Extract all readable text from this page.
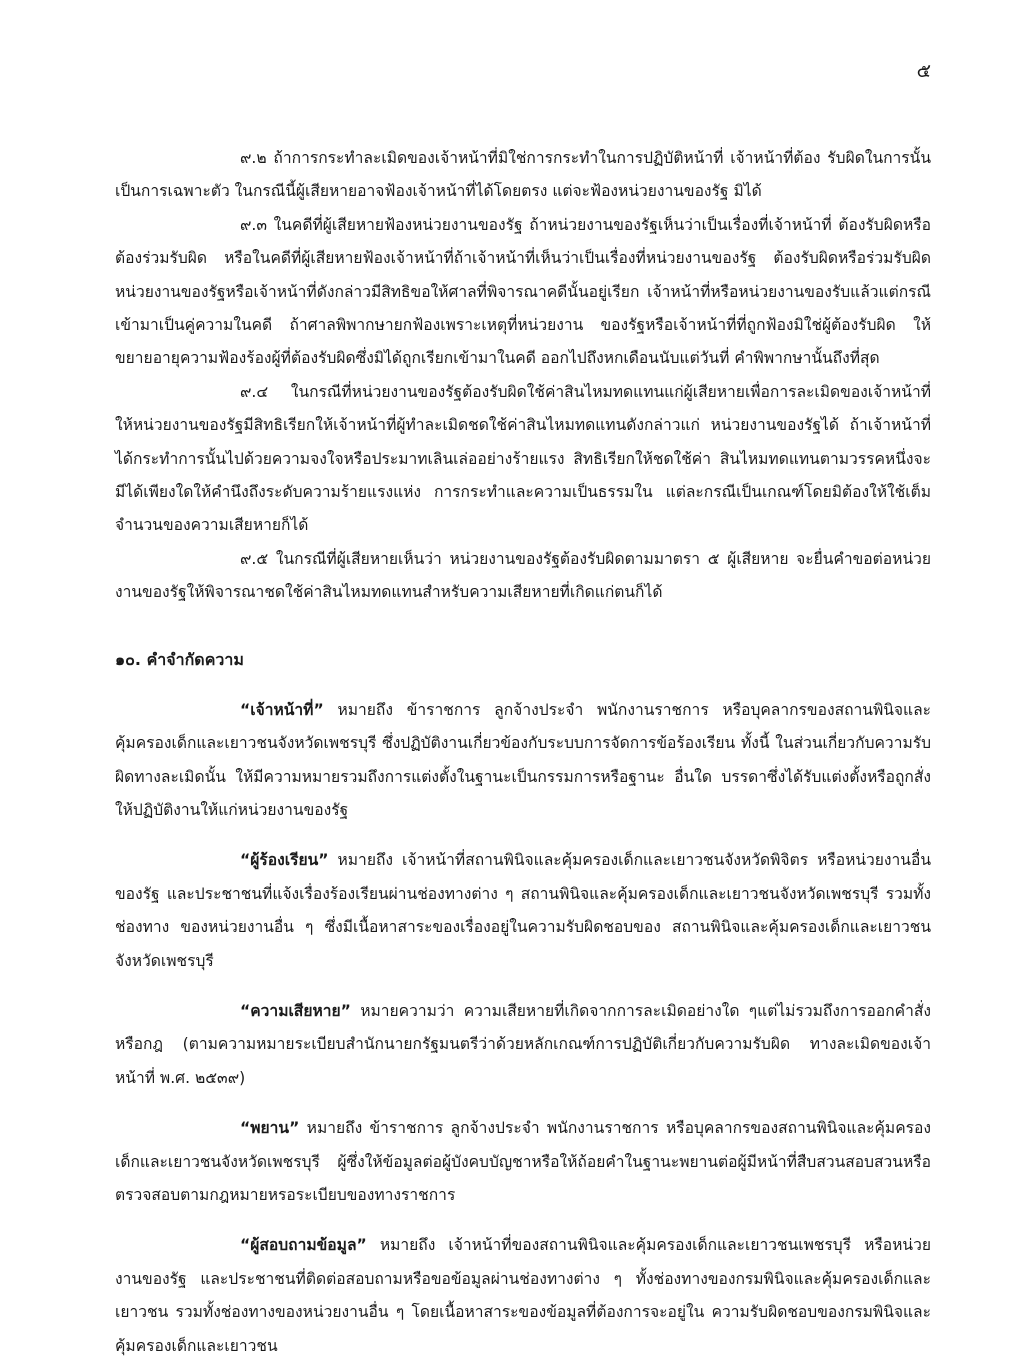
๕

๙.๒ ถ้าการกระทำละเมิดของเจ้าหน้าที่มิใช่การกระทำในการปฏิบัติหน้าที่ เจ้าหน้าที่ต้อง รับผิดในการนั้นเป็นการเฉพาะตัว ในกรณีนี้ผู้เสียหายอาจฟ้องเจ้าหน้าที่ได้โดยตรง แต่จะฟ้องหน่วยงานของรัฐ มิได้

๙.๓ ในคดีที่ผู้เสียหายฟ้องหน่วยงานของรัฐ ถ้าหน่วยงานของรัฐเห็นว่าเป็นเรื่องที่เจ้าหน้าที่ ต้องรับผิดหรือต้องร่วมรับผิด หรือในคดีที่ผู้เสียหายฟ้องเจ้าหน้าที่ถ้าเจ้าหน้าที่เห็นว่าเป็นเรื่องที่หน่วยงานของรัฐ ต้องรับผิดหรือร่วมรับผิด หน่วยงานของรัฐหรือเจ้าหน้าที่ดังกล่าวมีสิทธิขอให้ศาลที่พิจารณาคดีนั้นอยู่เรียก เจ้าหน้าที่หรือหน่วยงานของรับแล้วแต่กรณี เข้ามาเป็นคู่ความในคดี ถ้าศาลพิพากษายกฟ้องเพราะเหตุที่หน่วยงาน ของรัฐหรือเจ้าหน้าที่ที่ถูกฟ้องมิใช่ผู้ต้องรับผิด ให้ขยายอายุความฟ้องร้องผู้ที่ต้องรับผิดซึ่งมิได้ถูกเรียกเข้ามาในคดี ออกไปถึงหกเดือนนับแต่วันที่ คำพิพากษานั้นถึงที่สุด

๙.๔ ในกรณีที่หน่วยงานของรัฐต้องรับผิดใช้ค่าสินไหมทดแทนแก่ผู้เสียหายเพื่อการละเมิดของเจ้าหน้าที่ให้หน่วยงานของรัฐมีสิทธิเรียกให้เจ้าหน้าที่ผู้ทำละเมิดชดใช้ค่าสินไหมทดแทนดังกล่าวแก่ หน่วยงานของรัฐได้ ถ้าเจ้าหน้าที่ได้กระทำการนั้นไปด้วยความจงใจหรือประมาทเลินเล่ออย่างร้ายแรง สิทธิเรียกให้ชดใช้ค่า สินไหมทดแทนตามวรรคหนึ่งจะมีได้เพียงใดให้คำนึงถึงระดับความร้ายแรงแห่ง การกระทำและความเป็นธรรมใน แต่ละกรณีเป็นเกณฑ์โดยมิต้องให้ใช้เต็มจำนวนของความเสียหายก็ได้

๙.๕ ในกรณีที่ผู้เสียหายเห็นว่า หน่วยงานของรัฐต้องรับผิดตามมาตรา ๕ ผู้เสียหาย จะยื่นคำขอต่อหน่วยงานของรัฐให้พิจารณาชดใช้ค่าสินไหมทดแทนสำหรับความเสียหายที่เกิดแก่ตนก็ได้

๑๐. คำจำกัดความ

“เจ้าหน้าที่” หมายถึง ข้าราชการ ลูกจ้างประจำ พนักงานราชการ หรือบุคลากรของสถานพินิจและคุ้มครองเด็กและเยาวชนจังหวัดเพชรบุรี ซึ่งปฏิบัติงานเกี่ยวข้องกับระบบการจัดการข้อร้องเรียน ทั้งนี้ ในส่วนเกี่ยวกับความรับผิดทางละเมิดนั้น ให้มีความหมายรวมถึงการแต่งตั้งในฐานะเป็นกรรมการหรือฐานะ อื่นใด บรรดาซึ่งได้รับแต่งตั้งหรือถูกสั่งให้ปฏิบัติงานให้แก่หน่วยงานของรัฐ

“ผู้ร้องเรียน” หมายถึง เจ้าหน้าที่สถานพินิจและคุ้มครองเด็กและเยาวชนจังหวัดพิจิตร หรือหน่วยงานอื่นของรัฐ และประชาชนที่แจ้งเรื่องร้องเรียนผ่านช่องทางต่าง ๆ สถานพินิจและคุ้มครองเด็กและเยาวชนจังหวัดเพชรบุรี รวมทั้งช่องทาง ของหน่วยงานอื่น ๆ ซึ่งมีเนื้อหาสาระของเรื่องอยู่ในความรับผิดชอบของ สถานพินิจและคุ้มครองเด็กและเยาวชนจังหวัดเพชรบุรี

“ความเสียหาย” หมายความว่า ความเสียหายที่เกิดจากการละเมิดอย่างใด ๆแต่ไม่รวมถึงการออกคำสั่งหรือกฎ (ตามความหมายระเบียบสำนักนายกรัฐมนตรีว่าด้วยหลักเกณฑ์การปฏิบัติเกี่ยวกับความรับผิด ทางละเมิดของเจ้าหน้าที่ พ.ศ. ๒๕๓๙)

“พยาน” หมายถึง ข้าราชการ ลูกจ้างประจำ พนักงานราชการ หรือบุคลากรของสถานพินิจและคุ้มครองเด็กและเยาวชนจังหวัดเพชรบุรี ผู้ซึ่งให้ข้อมูลต่อผู้บังคบบัญชาหรือให้ถ้อยคำในฐานะพยานต่อผู้มีหน้าที่สืบสวนสอบสวนหรือตรวจสอบตามกฎหมายหรอระเบียบของทางราชการ

“ผู้สอบถามข้อมูล” หมายถึง เจ้าหน้าที่ของสถานพินิจและคุ้มครองเด็กและเยาวชนเพชรบุรี หรือหน่วยงานของรัฐ และประชาชนที่ติดต่อสอบถามหรือขอข้อมูลผ่านช่องทางต่าง ๆ ทั้งช่องทางของกรมพินิจและคุ้มครองเด็กและเยาวชน รวมทั้งช่องทางของหน่วยงานอื่น ๆ โดยเนื้อหาสาระของข้อมูลที่ต้องการจะอยู่ใน ความรับผิดชอบของกรมพินิจและคุ้มครองเด็กและเยาวชน
